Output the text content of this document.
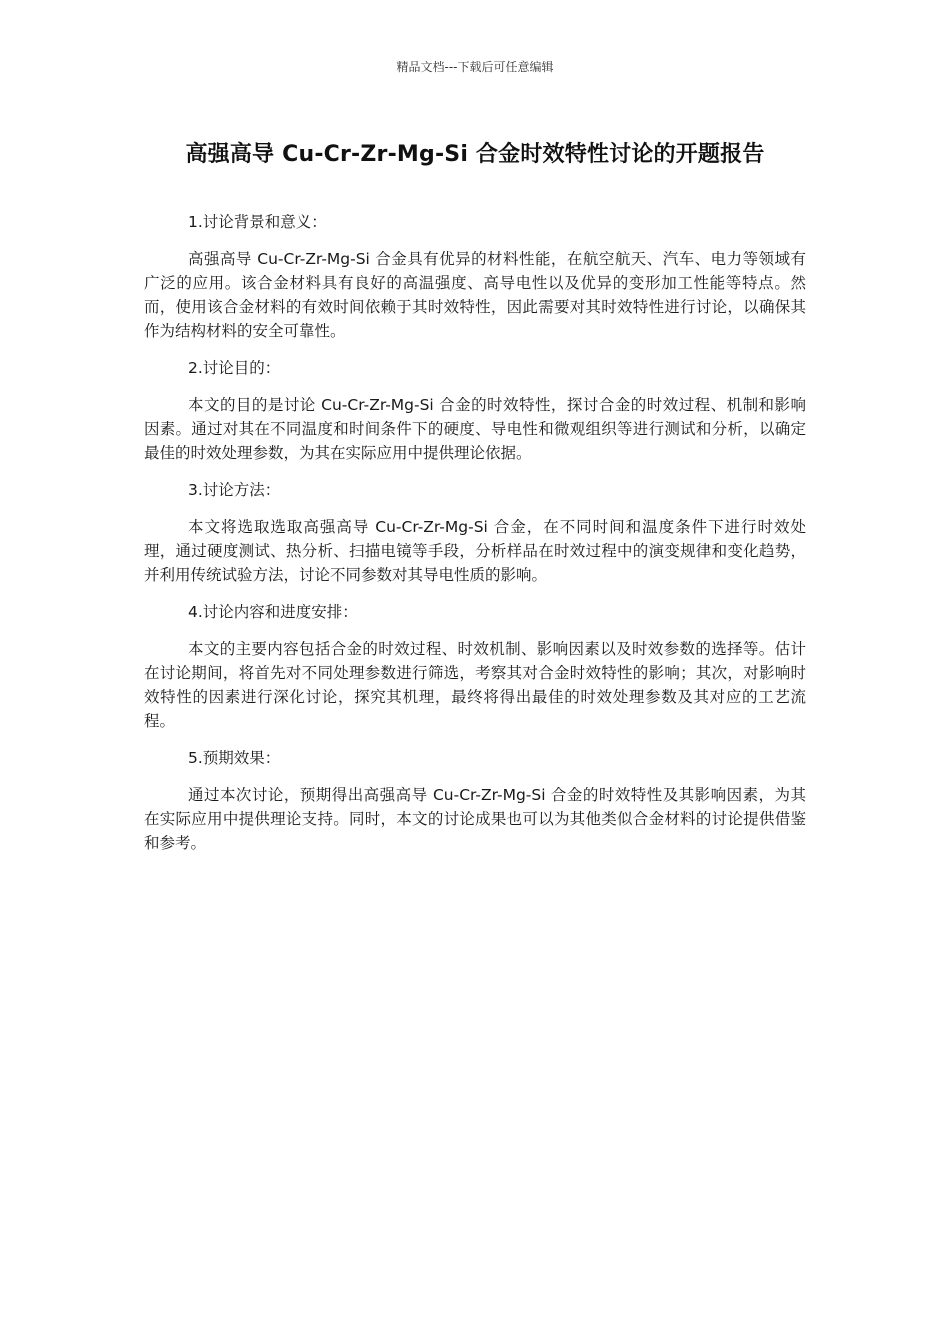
精品文档---下载后可任意编辑
高强高导 Cu-Cr-Zr-Mg-Si 合金时效特性讨论的开题报告

1.讨论背景和意义：

高强高导 Cu-Cr-Zr-Mg-Si 合金具有优异的材料性能，在航空航天、汽车、电力等领域有广泛的应用。该合金材料具有良好的高温强度、高导电性以及优异的变形加工性能等特点。然而，使用该合金材料的有效时间依赖于其时效特性，因此需要对其时效特性进行讨论，以确保其作为结构材料的安全可靠性。

2.讨论目的：

本文的目的是讨论 Cu-Cr-Zr-Mg-Si 合金的时效特性，探讨合金的时效过程、机制和影响因素。通过对其在不同温度和时间条件下的硬度、导电性和微观组织等进行测试和分析，以确定最佳的时效处理参数，为其在实际应用中提供理论依据。

3.讨论方法：

本文将选取选取高强高导 Cu-Cr-Zr-Mg-Si 合金，在不同时间和温度条件下进行时效处理，通过硬度测试、热分析、扫描电镜等手段，分析样品在时效过程中的演变规律和变化趋势，并利用传统试验方法，讨论不同参数对其导电性质的影响。

4.讨论内容和进度安排：

本文的主要内容包括合金的时效过程、时效机制、影响因素以及时效参数的选择等。估计在讨论期间，将首先对不同处理参数进行筛选，考察其对合金时效特性的影响；其次，对影响时效特性的因素进行深化讨论，探究其机理，最终将得出最佳的时效处理参数及其对应的工艺流程。

5.预期效果：

通过本次讨论，预期得出高强高导 Cu-Cr-Zr-Mg-Si 合金的时效特性及其影响因素，为其在实际应用中提供理论支持。同时，本文的讨论成果也可以为其他类似合金材料的讨论提供借鉴和参考。
